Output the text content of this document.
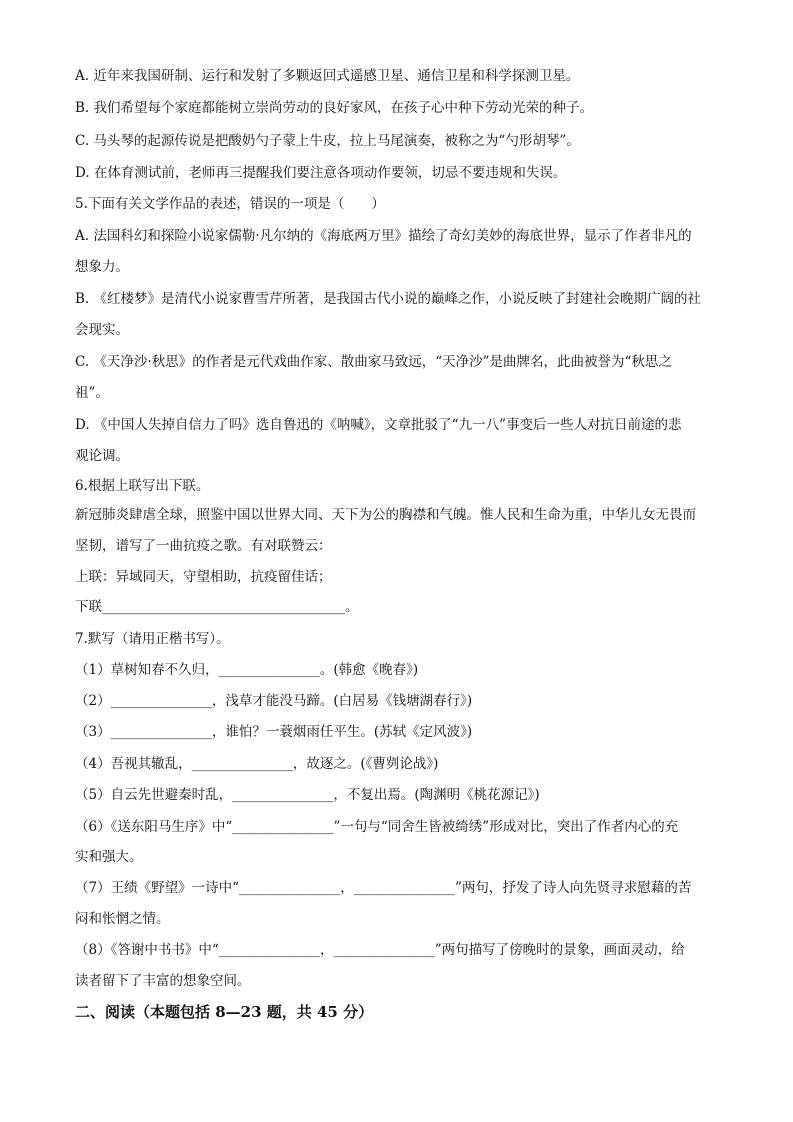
A. 近年来我国研制、运行和发射了多颗返回式遥感卫星、通信卫星和科学探测卫星。
B. 我们希望每个家庭都能树立崇尚劳动的良好家风，在孩子心中种下劳动光荣的种子。
C. 马头琴的起源传说是把酸奶勺子蒙上牛皮，拉上马尾演奏，被称之为“勺形胡琴”。
D. 在体育测试前，老师再三提醒我们要注意各项动作要领，切忌不要违规和失误。
5.下面有关文学作品的表述，错误的一项是（　　）
A. 法国科幻和探险小说家儒勒·凡尔纳的《海底两万里》描绘了奇幻美妙的海底世界，显示了作者非凡的
想象力。
B. 《红楼梦》是清代小说家曹雪芹所著，是我国古代小说的巅峰之作，小说反映了封建社会晚期广阔的社
会现实。
C. 《天净沙·秋思》的作者是元代戏曲作家、散曲家马致远，“天净沙”是曲牌名，此曲被誉为“秋思之
祖”。
D. 《中国人失掉自信力了吗》选自鲁迅的《呐喊》，文章批驳了“九一八”事变后一些人对抗日前途的悲
观论调。
6.根据上联写出下联。
新冠肺炎肆虐全球，照鉴中国以世界大同、天下为公的胸襟和气魄。惟人民和生命为重，中华儿女无畏而
坚韧，谱写了一曲抗疫之歌。有对联赞云：
上联：异域同天，守望相助，抗疫留佳话；
下联____________________________________。
7.默写（请用正楷书写）。
（1）草树知春不久归，_______________。(韩愈《晚春》)
（2）_______________，浅草才能没马蹄。(白居易《钱塘湖春行》)
（3）_______________，谁怕？一蓑烟雨任平生。(苏轼《定风波》)
（4）吾视其辙乱，_______________，故逐之。(《曹刿论战》)
（5）自云先世避秦时乱，_______________，不复出焉。(陶渊明《桃花源记》)
（6）《送东阳马生序》中“_______________”一句与“同舍生皆被绮绣”形成对比，突出了作者内心的充
实和强大。
（7）王绩《野望》一诗中“_______________，_______________”两句，抒发了诗人向先贤寻求慰藉的苦
闷和怅惘之情。
（8）《答谢中书书》中“_______________，_______________”两句描写了傍晚时的景象，画面灵动，给
读者留下了丰富的想象空间。
二、阅读（本题包括 8—23 题，共 45 分）
